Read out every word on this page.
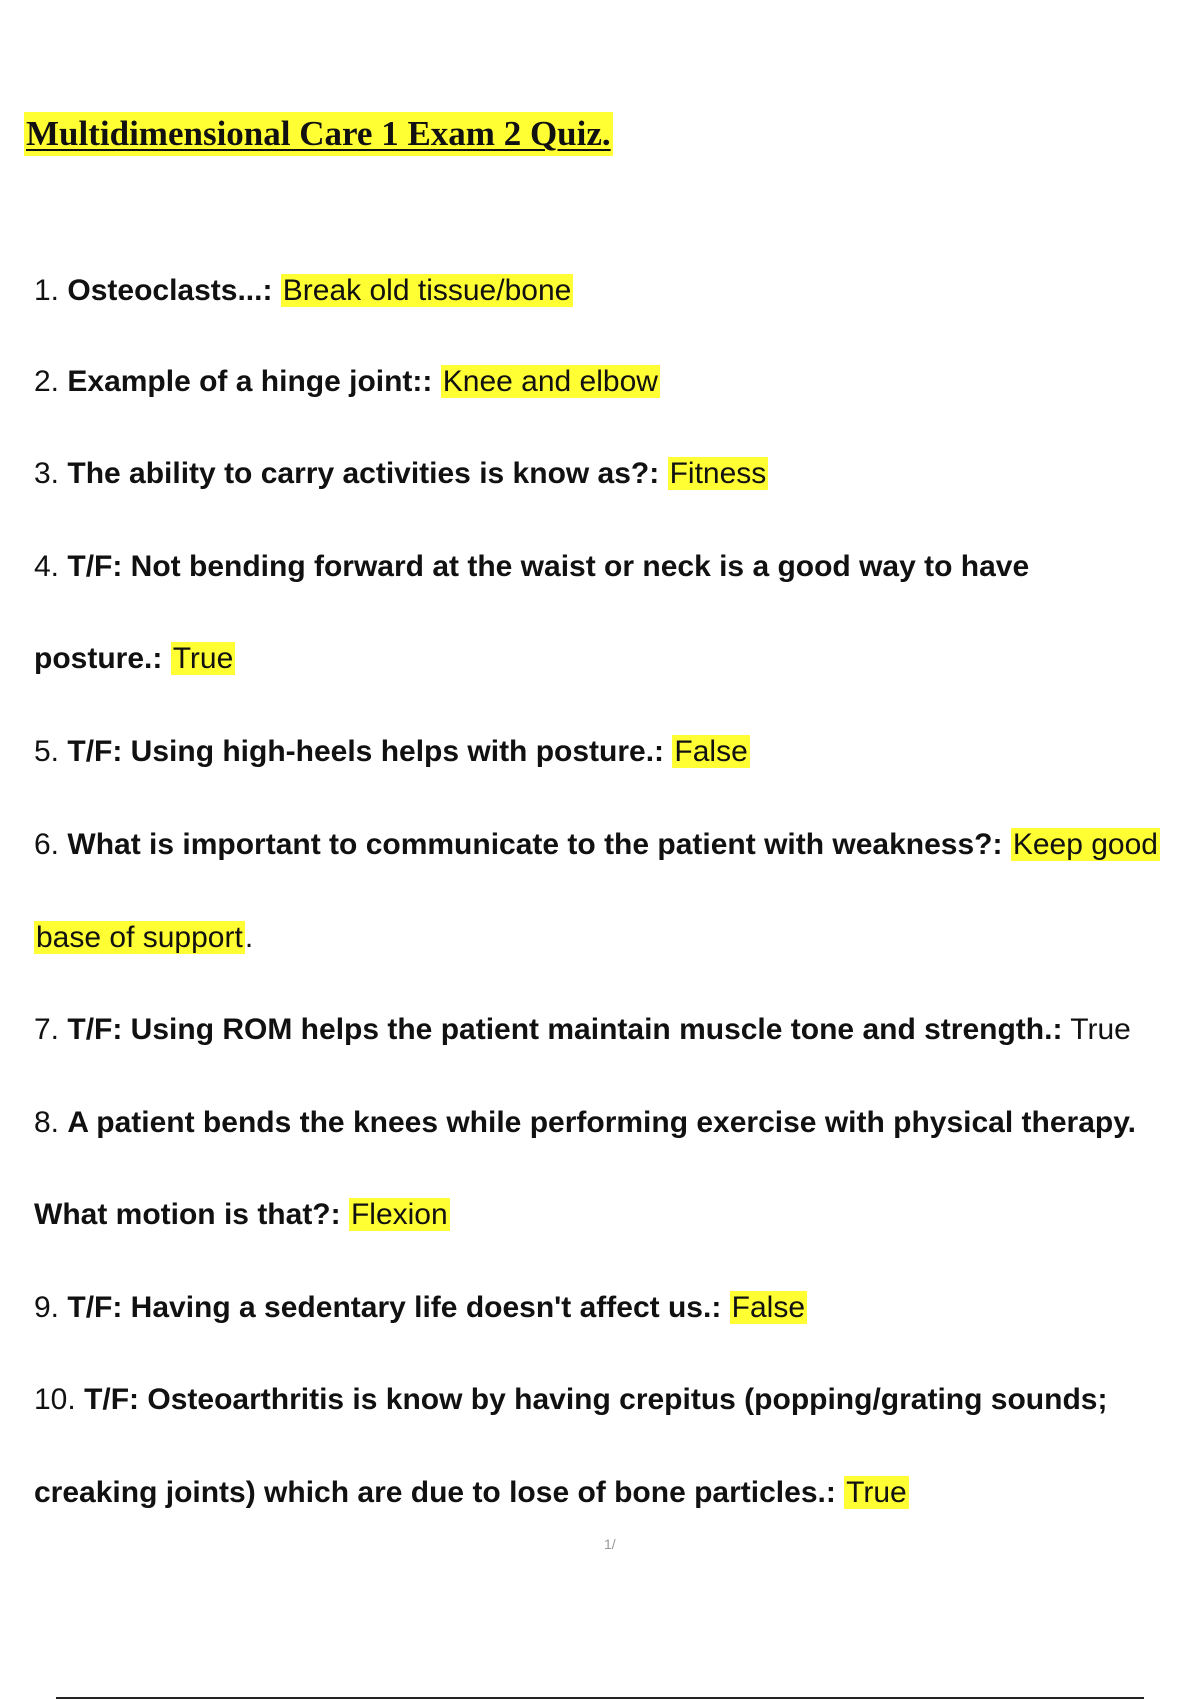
Multidimensional Care 1 Exam 2 Quiz.

1. Osteoclasts...: Break old tissue/bone

2. Example of a hinge joint:: Knee and elbow

3. The ability to carry activities is know as?: Fitness

4. T/F: Not bending forward at the waist or neck is a good way to have

posture.: True

5. T/F: Using high-heels helps with posture.: False

6. What is important to communicate to the patient with weakness?: Keep good

base of support.

7. T/F: Using ROM helps the patient maintain muscle tone and strength.: True

8. A patient bends the knees while performing exercise with physical therapy.

What motion is that?: Flexion

9. T/F: Having a sedentary life doesn't affect us.: False

10. T/F: Osteoarthritis is know by having crepitus (popping/grating sounds;

creaking joints) which are due to lose of bone particles.: True

1/
